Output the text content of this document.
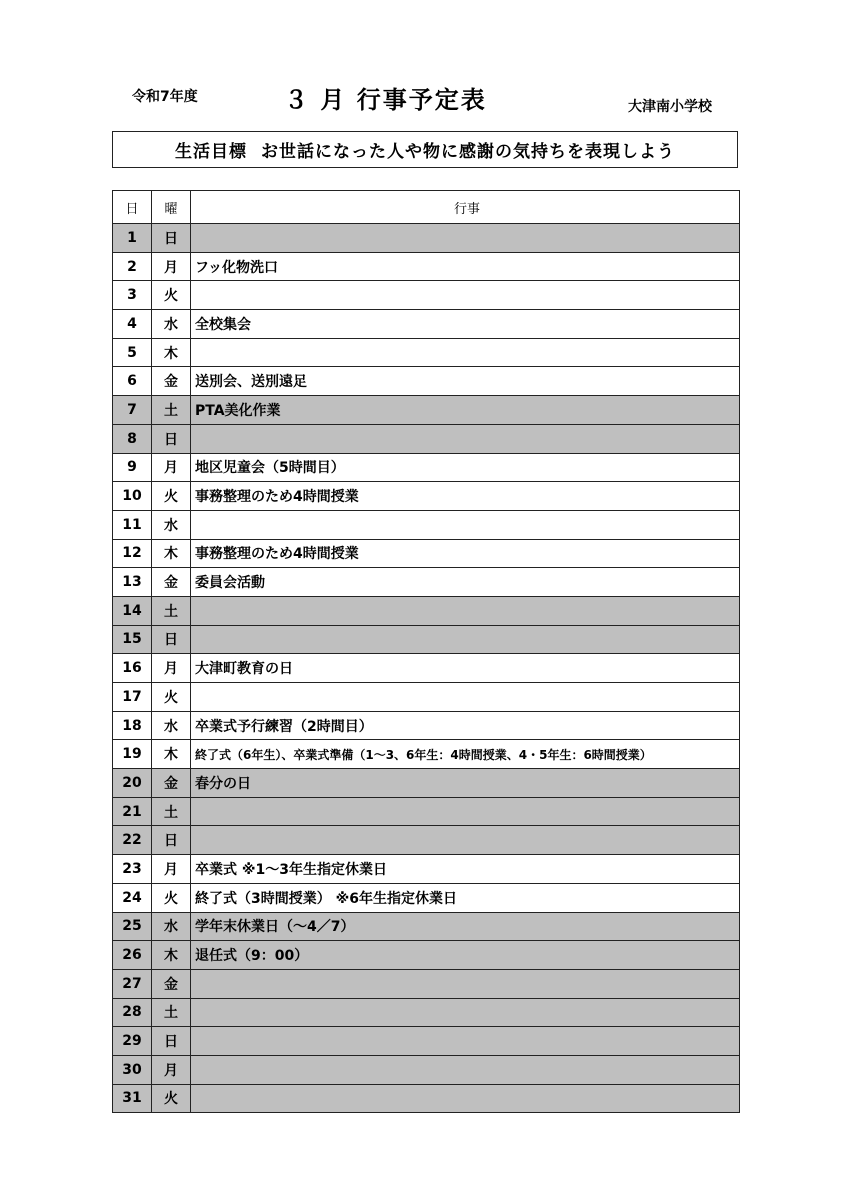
令和7年度	３ 月 行事予定表	大津南小学校
生活目標 お世話になった人や物に感謝の気持ちを表現しよう
日	曜	行事
1	日	
2	月	フッ化物洗口
3	火	
4	水	全校集会
5	木	
6	金	送別会、送別遠足
7	土	PTA美化作業
8	日	
9	月	地区児童会（5時間目）
10	火	事務整理のため4時間授業
11	水	
12	木	事務整理のため4時間授業
13	金	委員会活動
14	土	
15	日	
16	月	大津町教育の日
17	火	
18	水	卒業式予行練習（2時間目）
19	木	終了式（6年生）、卒業式準備（1～3、6年生：4時間授業、4・5年生：6時間授業）
20	金	春分の日
21	土	
22	日	
23	月	卒業式 ※1～3年生指定休業日
24	火	終了式（3時間授業） ※6年生指定休業日
25	水	学年末休業日（～4／7）
26	木	退任式（9：00）
27	金	
28	土	
29	日	
30	月	
31	火	
